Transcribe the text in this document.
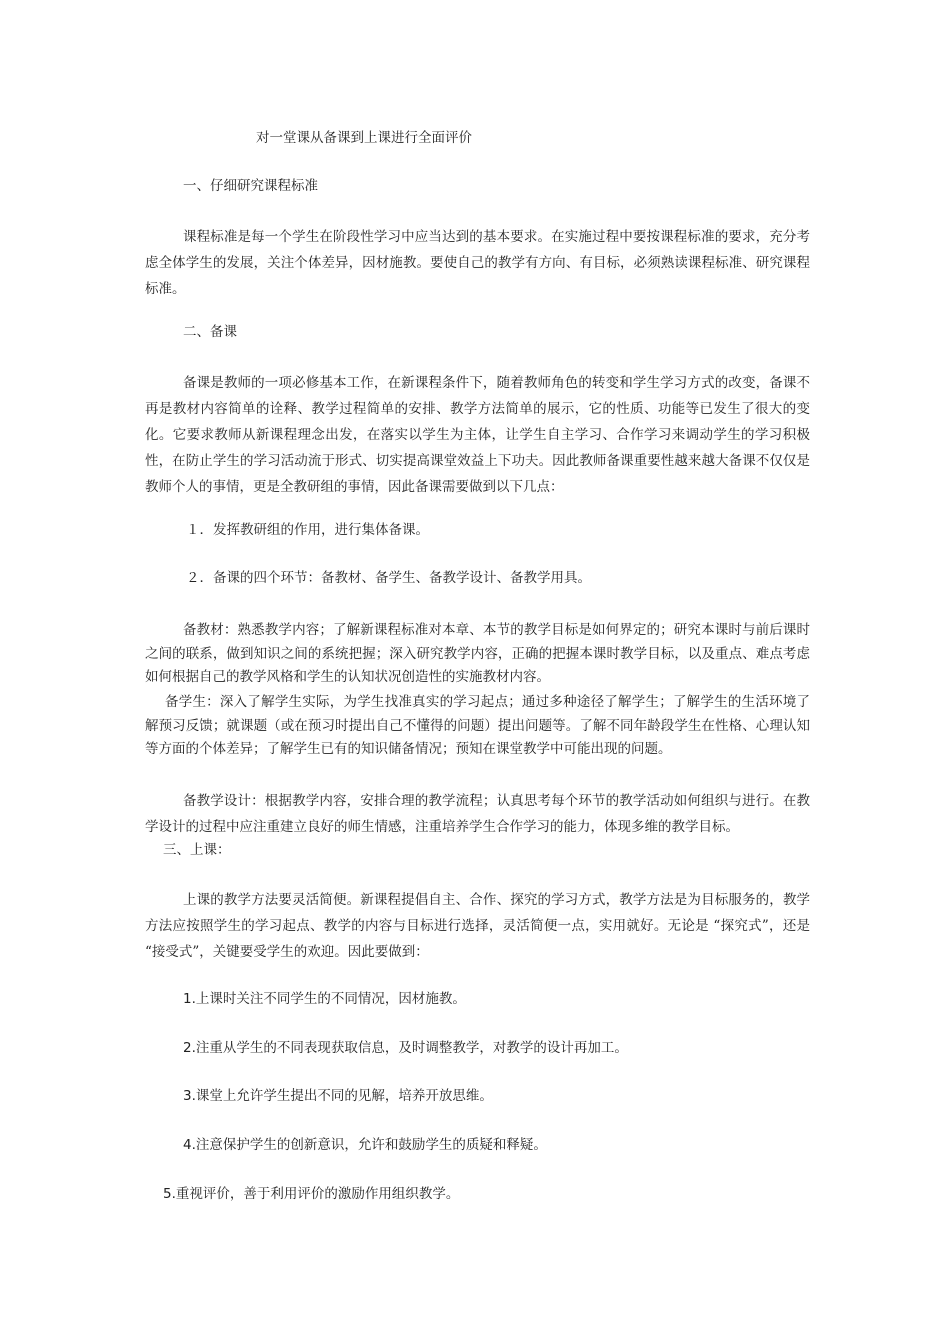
对一堂课从备课到上课进行全面评价
一、仔细研究课程标准
课程标准是每一个学生在阶段性学习中应当达到的基本要求。在实施过程中要按课程标准的要求，充分考虑全体学生的发展，关注个体差异，因材施教。要使自己的教学有方向、有目标，必须熟读课程标准、研究课程标准。
二、备课
备课是教师的一项必修基本工作，在新课程条件下，随着教师角色的转变和学生学习方式的改变，备课不再是教材内容简单的诠释、教学过程简单的安排、教学方法简单的展示，它的性质、功能等已发生了很大的变化。它要求教师从新课程理念出发，在落实以学生为主体，让学生自主学习、合作学习来调动学生的学习积极性，在防止学生的学习活动流于形式、切实提高课堂效益上下功夫。因此教师备课重要性越来越大备课不仅仅是教师个人的事情，更是全教研组的事情，因此备课需要做到以下几点：
１．发挥教研组的作用，进行集体备课。
２．备课的四个环节：备教材、备学生、备教学设计、备教学用具。
备教材：熟悉教学内容；了解新课程标准对本章、本节的教学目标是如何界定的；研究本课时与前后课时之间的联系，做到知识之间的系统把握；深入研究教学内容，正确的把握本课时教学目标，以及重点、难点考虑如何根据自己的教学风格和学生的认知状况创造性的实施教材内容。
备学生：深入了解学生实际，为学生找准真实的学习起点；通过多种途径了解学生；了解学生的生活环境了解预习反馈；就课题（或在预习时提出自己不懂得的问题）提出问题等。了解不同年龄段学生在性格、心理认知等方面的个体差异；了解学生已有的知识储备情况；预知在课堂教学中可能出现的问题。
备教学设计：根据教学内容，安排合理的教学流程；认真思考每个环节的教学活动如何组织与进行。在教学设计的过程中应注重建立良好的师生情感，注重培养学生合作学习的能力，体现多维的教学目标。
三、上课：
上课的教学方法要灵活简便。新课程提倡自主、合作、探究的学习方式，教学方法是为目标服务的，教学方法应按照学生的学习起点、教学的内容与目标进行选择，灵活简便一点，实用就好。无论是 “探究式”，还是 “接受式”，关键要受学生的欢迎。因此要做到：
1.上课时关注不同学生的不同情况，因材施教。
2.注重从学生的不同表现获取信息，及时调整教学，对教学的设计再加工。
3.课堂上允许学生提出不同的见解，培养开放思维。
4.注意保护学生的创新意识，允许和鼓励学生的质疑和释疑。
5.重视评价，善于利用评价的激励作用组织教学。
